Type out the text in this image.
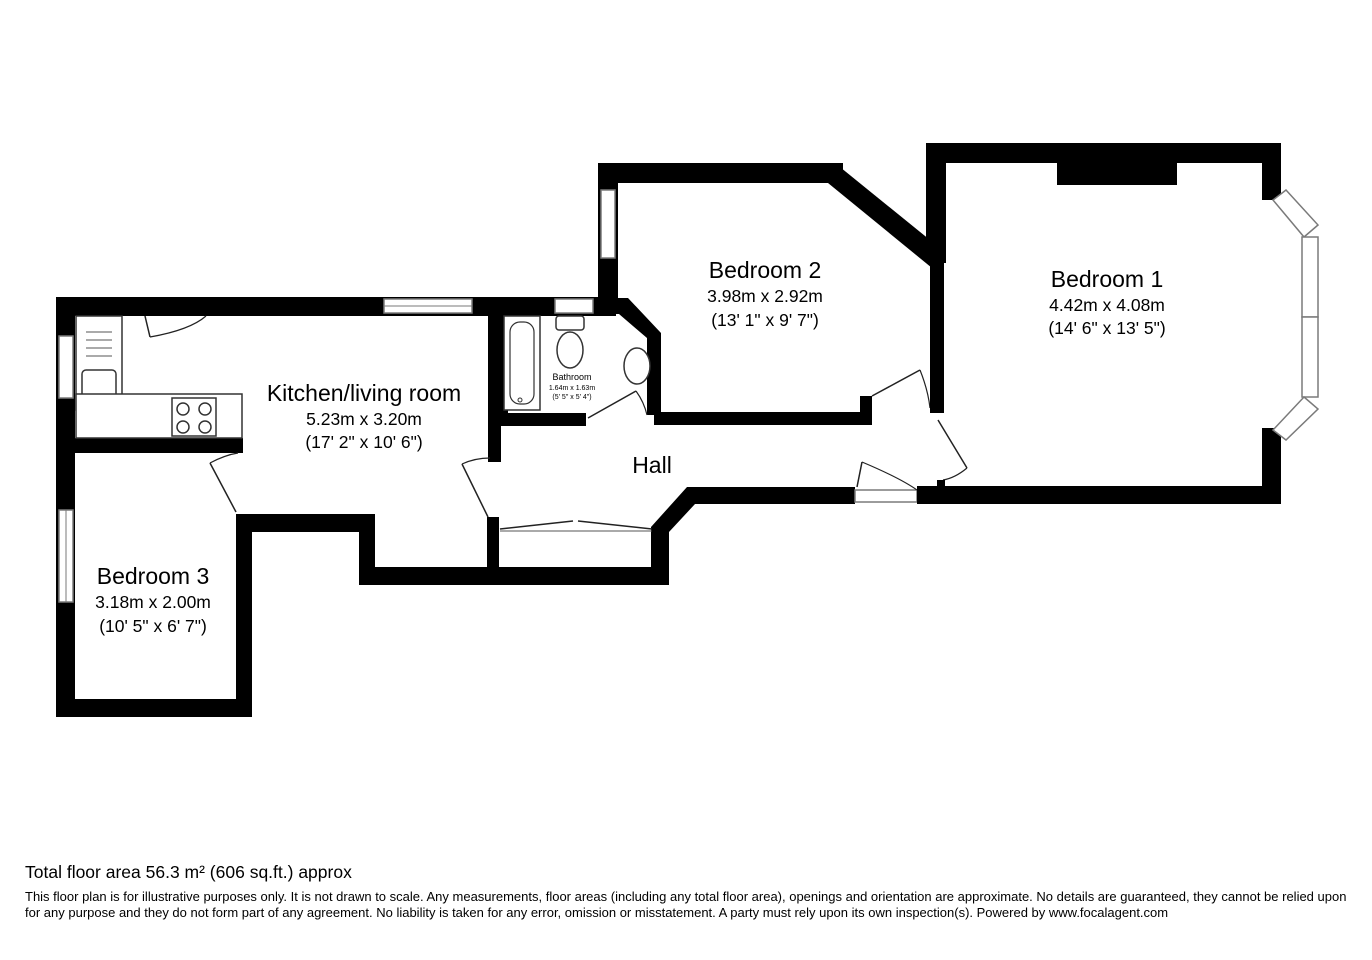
Bedroom 1
4.42m x 4.08m
(14' 6" x 13' 5")
Bedroom 2
3.98m x 2.92m
(13' 1" x 9' 7")
Kitchen/living room
5.23m x 3.20m
(17' 2" x 10' 6")
Bathroom
1.64m x 1.63m
(5' 5" x 5' 4")
Hall
Bedroom 3
3.18m x 2.00m
(10' 5" x 6' 7")

Total floor area 56.3 m² (606 sq.ft.) approx

This floor plan is for illustrative purposes only. It is not drawn to scale. Any measurements, floor areas (including any total floor area), openings and orientation are approximate. No details are guaranteed, they cannot be relied upon for any purpose and they do not form part of any agreement. No liability is taken for any error, omission or misstatement. A party must rely upon its own inspection(s). Powered by www.focalagent.com
